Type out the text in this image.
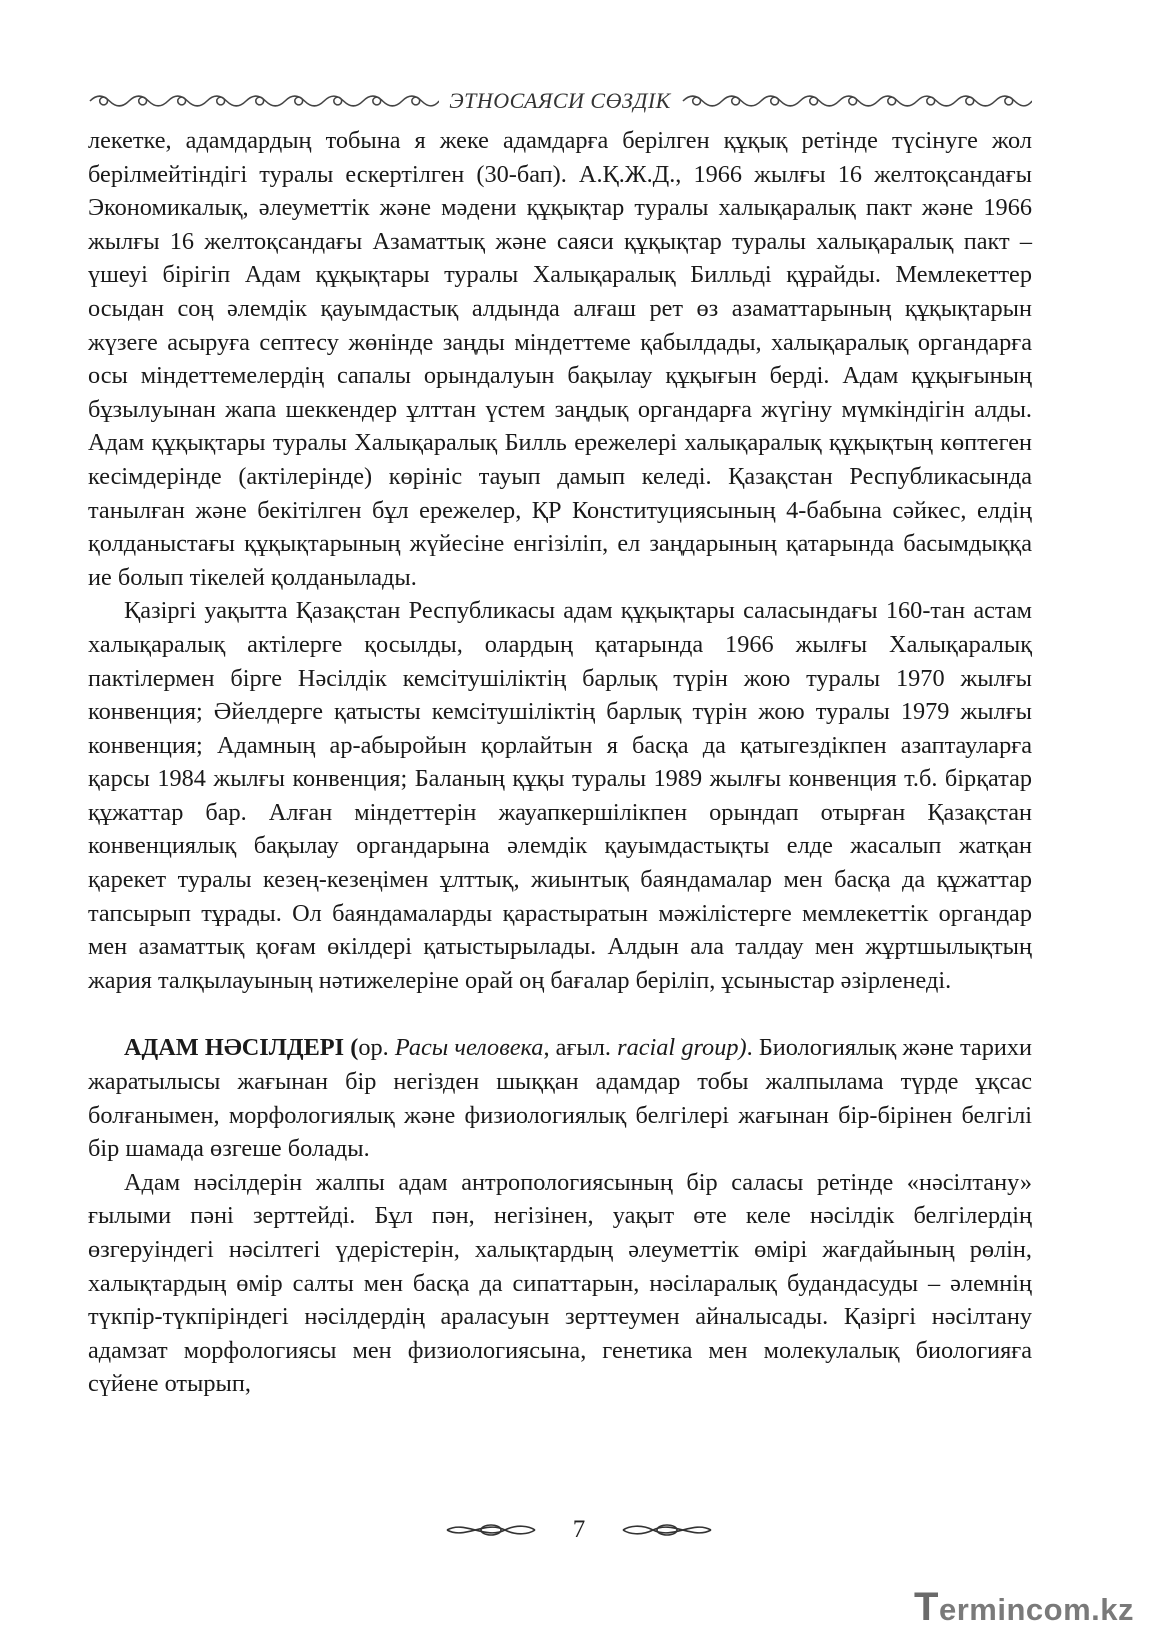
ЭТНОСАЯСИ СӨЗДІК

лекетке, адамдардың тобына я жеке адамдарға берілген құқық ретінде түсінуге жол берілмейтіндігі туралы ескертілген (30-бап). А.Қ.Ж.Д., 1966 жылғы 16 желтоқсандағы Экономикалық, әлеуметтік және мәдени құқықтар туралы халықаралық пакт және 1966 жылғы 16 желтоқсандағы Азаматтық және саяси құқықтар туралы халықаралық пакт – үшеуі бірігіп Адам құқықтары туралы Халықаралық Билльді құрайды. Мемлекеттер осыдан соң әлемдік қауымдастық алдында алғаш рет өз азаматтарының құқықтарын жүзеге асыруға септесу жөнінде заңды міндеттеме қабылдады, халықаралық органдарға осы міндеттемелердің сапалы орындалуын бақылау құқығын берді. Адам құқығының бұзылуынан жапа шеккендер ұлттан үстем заңдық органдарға жүгіну мүмкіндігін алды. Адам құқықтары туралы Халықаралық Билль ережелері халықаралық құқықтың көптеген кесімдерінде (актілерінде) көрініс тауып дамып келеді. Қазақстан Республикасында танылған және бекітілген бұл ережелер, ҚР Конституциясының 4-бабына сәйкес, елдің қолданыстағы құқықтарының жүйесіне енгізіліп, ел заңдарының қатарында басымдыққа ие болып тікелей қолданылады.

Қазіргі уақытта Қазақстан Республикасы адам құқықтары саласындағы 160-тан астам халықаралық актілерге қосылды, олардың қатарында 1966 жылғы Халықаралық пактілермен бірге Нәсілдік кемсітушіліктің барлық түрін жою туралы 1970 жылғы конвенция; Әйелдерге қатысты кемсітушіліктің барлық түрін жою туралы 1979 жылғы конвенция; Адамның ар-абыройын қорлайтын я басқа да қатыгездікпен азаптауларға қарсы 1984 жылғы конвенция; Баланың құқы туралы 1989 жылғы конвенция т.б. бірқатар құжаттар бар. Алған міндеттерін жауапкершілікпен орындап отырған Қазақстан конвенциялық бақылау органдарына әлемдік қауымдастықты елде жасалып жатқан қарекет туралы кезең-кезеңімен ұлттық, жиынтық баяндамалар мен басқа да құжаттар тапсырып тұрады. Ол баяндамаларды қарастыратын мәжілістерге мемлекеттік органдар мен азаматтық қоғам өкілдері қатыстырылады. Алдын ала талдау мен жұртшылықтың жария талқылауының нәтижелеріне орай оң бағалар беріліп, ұсыныстар әзірленеді.

АДАМ НӘСІЛДЕРІ (ор. Расы человека, ағыл. racial group). Биологиялық және тарихи жаратылысы жағынан бір негізден шыққан адамдар тобы жалпылама түрде ұқсас болғанымен, морфологиялық және физиологиялық белгілері жағынан бір-бірінен белгілі бір шамада өзгеше болады.

Адам нәсілдерін жалпы адам антропологиясының бір саласы ретінде «нәсілтану» ғылыми пәні зерттейді. Бұл пән, негізінен, уақыт өте келе нәсілдік белгілердің өзгеруіндегі нәсілтегі үдерістерін, халықтардың әлеуметтік өмірі жағдайының рөлін, халықтардың өмір салты мен басқа да сипаттарын, нәсіларалық будандасуды – әлемнің түкпір-түкпіріндегі нәсілдердің араласуын зерттеумен айналысады. Қазіргі нәсілтану адамзат морфологиясы мен физиологиясына, генетика мен молекулалық биологияға сүйене отырып,

7
Termincom.kz
